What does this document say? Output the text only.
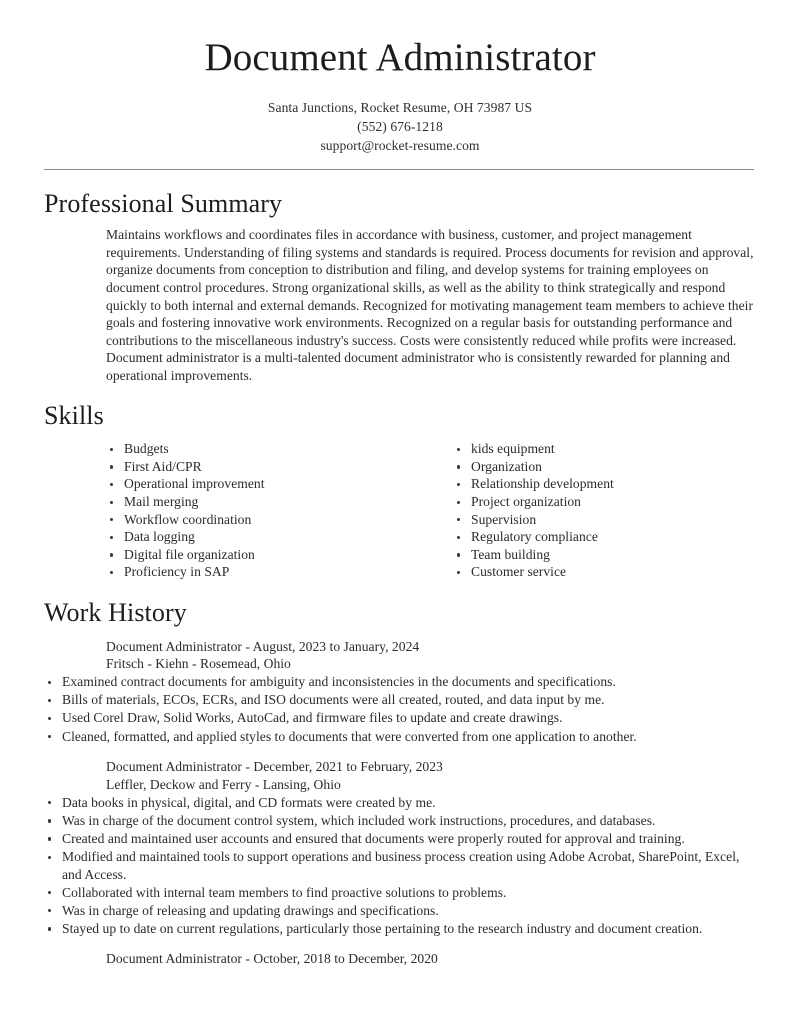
Document Administrator
Santa Junctions, Rocket Resume, OH 73987 US
(552) 676-1218
support@rocket-resume.com
Professional Summary

Maintains workflows and coordinates files in accordance with business, customer, and project management requirements. Understanding of filing systems and standards is required. Process documents for revision and approval, organize documents from conception to distribution and filing, and develop systems for training employees on document control procedures. Strong organizational skills, as well as the ability to think strategically and respond quickly to both internal and external demands. Recognized for motivating management team members to achieve their goals and fostering innovative work environments. Recognized on a regular basis for outstanding performance and contributions to the miscellaneous industry's success. Costs were consistently reduced while profits were increased. Document administrator is a multi-talented document administrator who is consistently rewarded for planning and operational improvements.

Skills
Budgets
First Aid/CPR
Operational improvement
Mail merging
Workflow coordination
Data logging
Digital file organization
Proficiency in SAP
kids equipment
Organization
Relationship development
Project organization
Supervision
Regulatory compliance
Team building
Customer service
Work History
Document Administrator - August, 2023 to January, 2024
Fritsch - Kiehn - Rosemead, Ohio
Examined contract documents for ambiguity and inconsistencies in the documents and specifications.
Bills of materials, ECOs, ECRs, and ISO documents were all created, routed, and data input by me.
Used Corel Draw, Solid Works, AutoCad, and firmware files to update and create drawings.
Cleaned, formatted, and applied styles to documents that were converted from one application to another.
Document Administrator - December, 2021 to February, 2023
Leffler, Deckow and Ferry - Lansing, Ohio
Data books in physical, digital, and CD formats were created by me.
Was in charge of the document control system, which included work instructions, procedures, and databases.
Created and maintained user accounts and ensured that documents were properly routed for approval and training.
Modified and maintained tools to support operations and business process creation using Adobe Acrobat, SharePoint, Excel, and Access.
Collaborated with internal team members to find proactive solutions to problems.
Was in charge of releasing and updating drawings and specifications.
Stayed up to date on current regulations, particularly those pertaining to the research industry and document creation.
Document Administrator - October, 2018 to December, 2020
